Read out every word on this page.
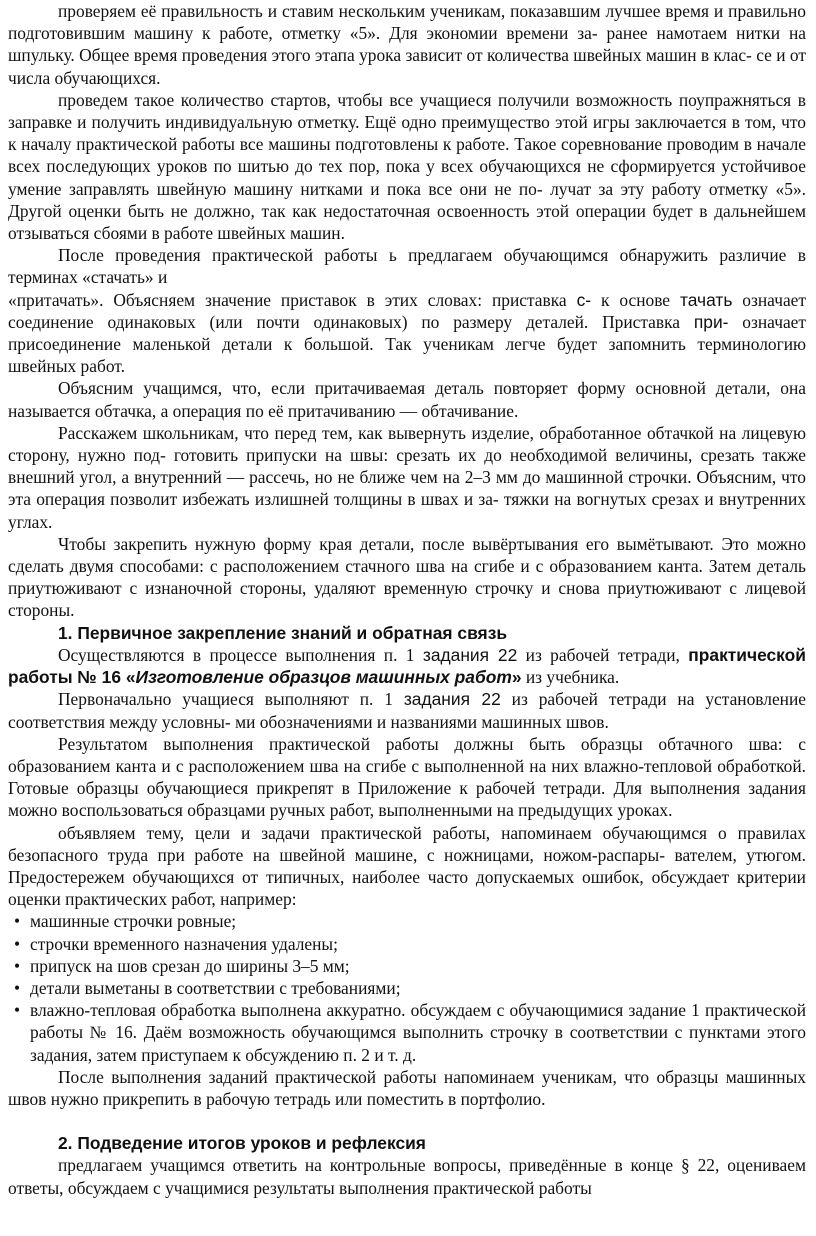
проверяем её правильность и ставим нескольким ученикам, показавшим лучшее время и правильно подготовившим машину к работе, отметку «5». Для экономии времени за- ранее намотаем нитки на шпульку. Общее время проведения этого этапа урока зависит от количества швейных машин в клас- се и от числа обучающихся.

проведем такое количество стартов, чтобы все учащиеся получили возможность поупражняться в заправке и получить индивидуальную отметку. Ещё одно преимущество этой игры заключается в том, что к началу практической работы все машины подготовлены к работе. Такое соревнование проводим в начале всех последующих уроков по шитью до тех пор, пока у всех обучающихся не сформируется устойчивое умение заправлять швейную машину нитками и пока все они не по- лучат за эту работу отметку «5». Другой оценки быть не должно, так как недостаточная освоенность этой операции будет в дальнейшем отзываться сбоями в работе швейных машин.

После проведения практической работы ь предлагаем обучающимся обнаружить различие в терминах «стачать» и

«притачать». Объясняем значение приставок в этих словах: приставка с- к основе тачать означает соединение одинаковых (или почти одинаковых) по размеру деталей. Приставка при- означает присоединение маленькой детали к большой. Так ученикам легче будет запомнить терминологию швейных работ.

Объясним учащимся, что, если притачиваемая деталь повторяет форму основной детали, она называется обтачка, а операция по её притачиванию — обтачивание.

Расскажем школьникам, что перед тем, как вывернуть изделие, обработанное обтачкой на лицевую сторону, нужно под- готовить припуски на швы: срезать их до необходимой величины, срезать также внешний угол, а внутренний — рассечь, но не ближе чем на 2–3 мм до машинной строчки. Объясним, что эта операция позволит избежать излишней толщины в швах и за- тяжки на вогнутых срезах и внутренних углах.

Чтобы закрепить нужную форму края детали, после вывёртывания его вымётывают. Это можно сделать двумя способами: с расположением стачного шва на сгибе и с образованием канта. Затем деталь приутюживают с изнаночной стороны, удаляют временную строчку и снова приутюживают с лицевой стороны.

1. Первичное закрепление знаний и обратная связь

Осуществляются в процессе выполнения п. 1 задания 22 из рабочей тетради, практической работы № 16 «Изготовление образцов машинных работ» из учебника.

Первоначально учащиеся выполняют п. 1 задания 22 из рабочей тетради на установление соответствия между условны- ми обозначениями и названиями машинных швов.

Результатом выполнения практической работы должны быть образцы обтачного шва: с образованием канта и с расположением шва на сгибе с выполненной на них влажно-тепловой обработкой. Готовые образцы обучающиеся прикрепят в Приложение к рабочей тетради. Для выполнения задания можно воспользоваться образцами ручных работ, выполненными на предыдущих уроках.

объявляем тему, цели и задачи практической работы, напоминаем обучающимся о правилах безопасного труда при работе на швейной машине, с ножницами, ножом-распары- вателем, утюгом. Предостережем обучающихся от типичных, наиболее часто допускаемых ошибок, обсуждает критерии оценки практических работ, например:

• машинные строчки ровные;
• строчки временного назначения удалены;
• припуск на шов срезан до ширины 3–5 мм;
• детали выметаны в соответствии с требованиями;
• влажно-тепловая обработка выполнена аккуратно. обсуждаем с обучающимися задание 1 практической работы № 16. Даём возможность обучающимся выполнить строчку в соответствии с пунктами этого задания, затем приступаем к обсуждению п. 2 и т. д.

После выполнения заданий практической работы напоминаем ученикам, что образцы машинных швов нужно прикрепить в рабочую тетрадь или поместить в портфолио.

2. Подведение итогов уроков и рефлексия

предлагаем учащимся ответить на контрольные вопросы, приведённые в конце § 22, оцениваем ответы, обсуждаем с учащимися результаты выполнения практической работы
